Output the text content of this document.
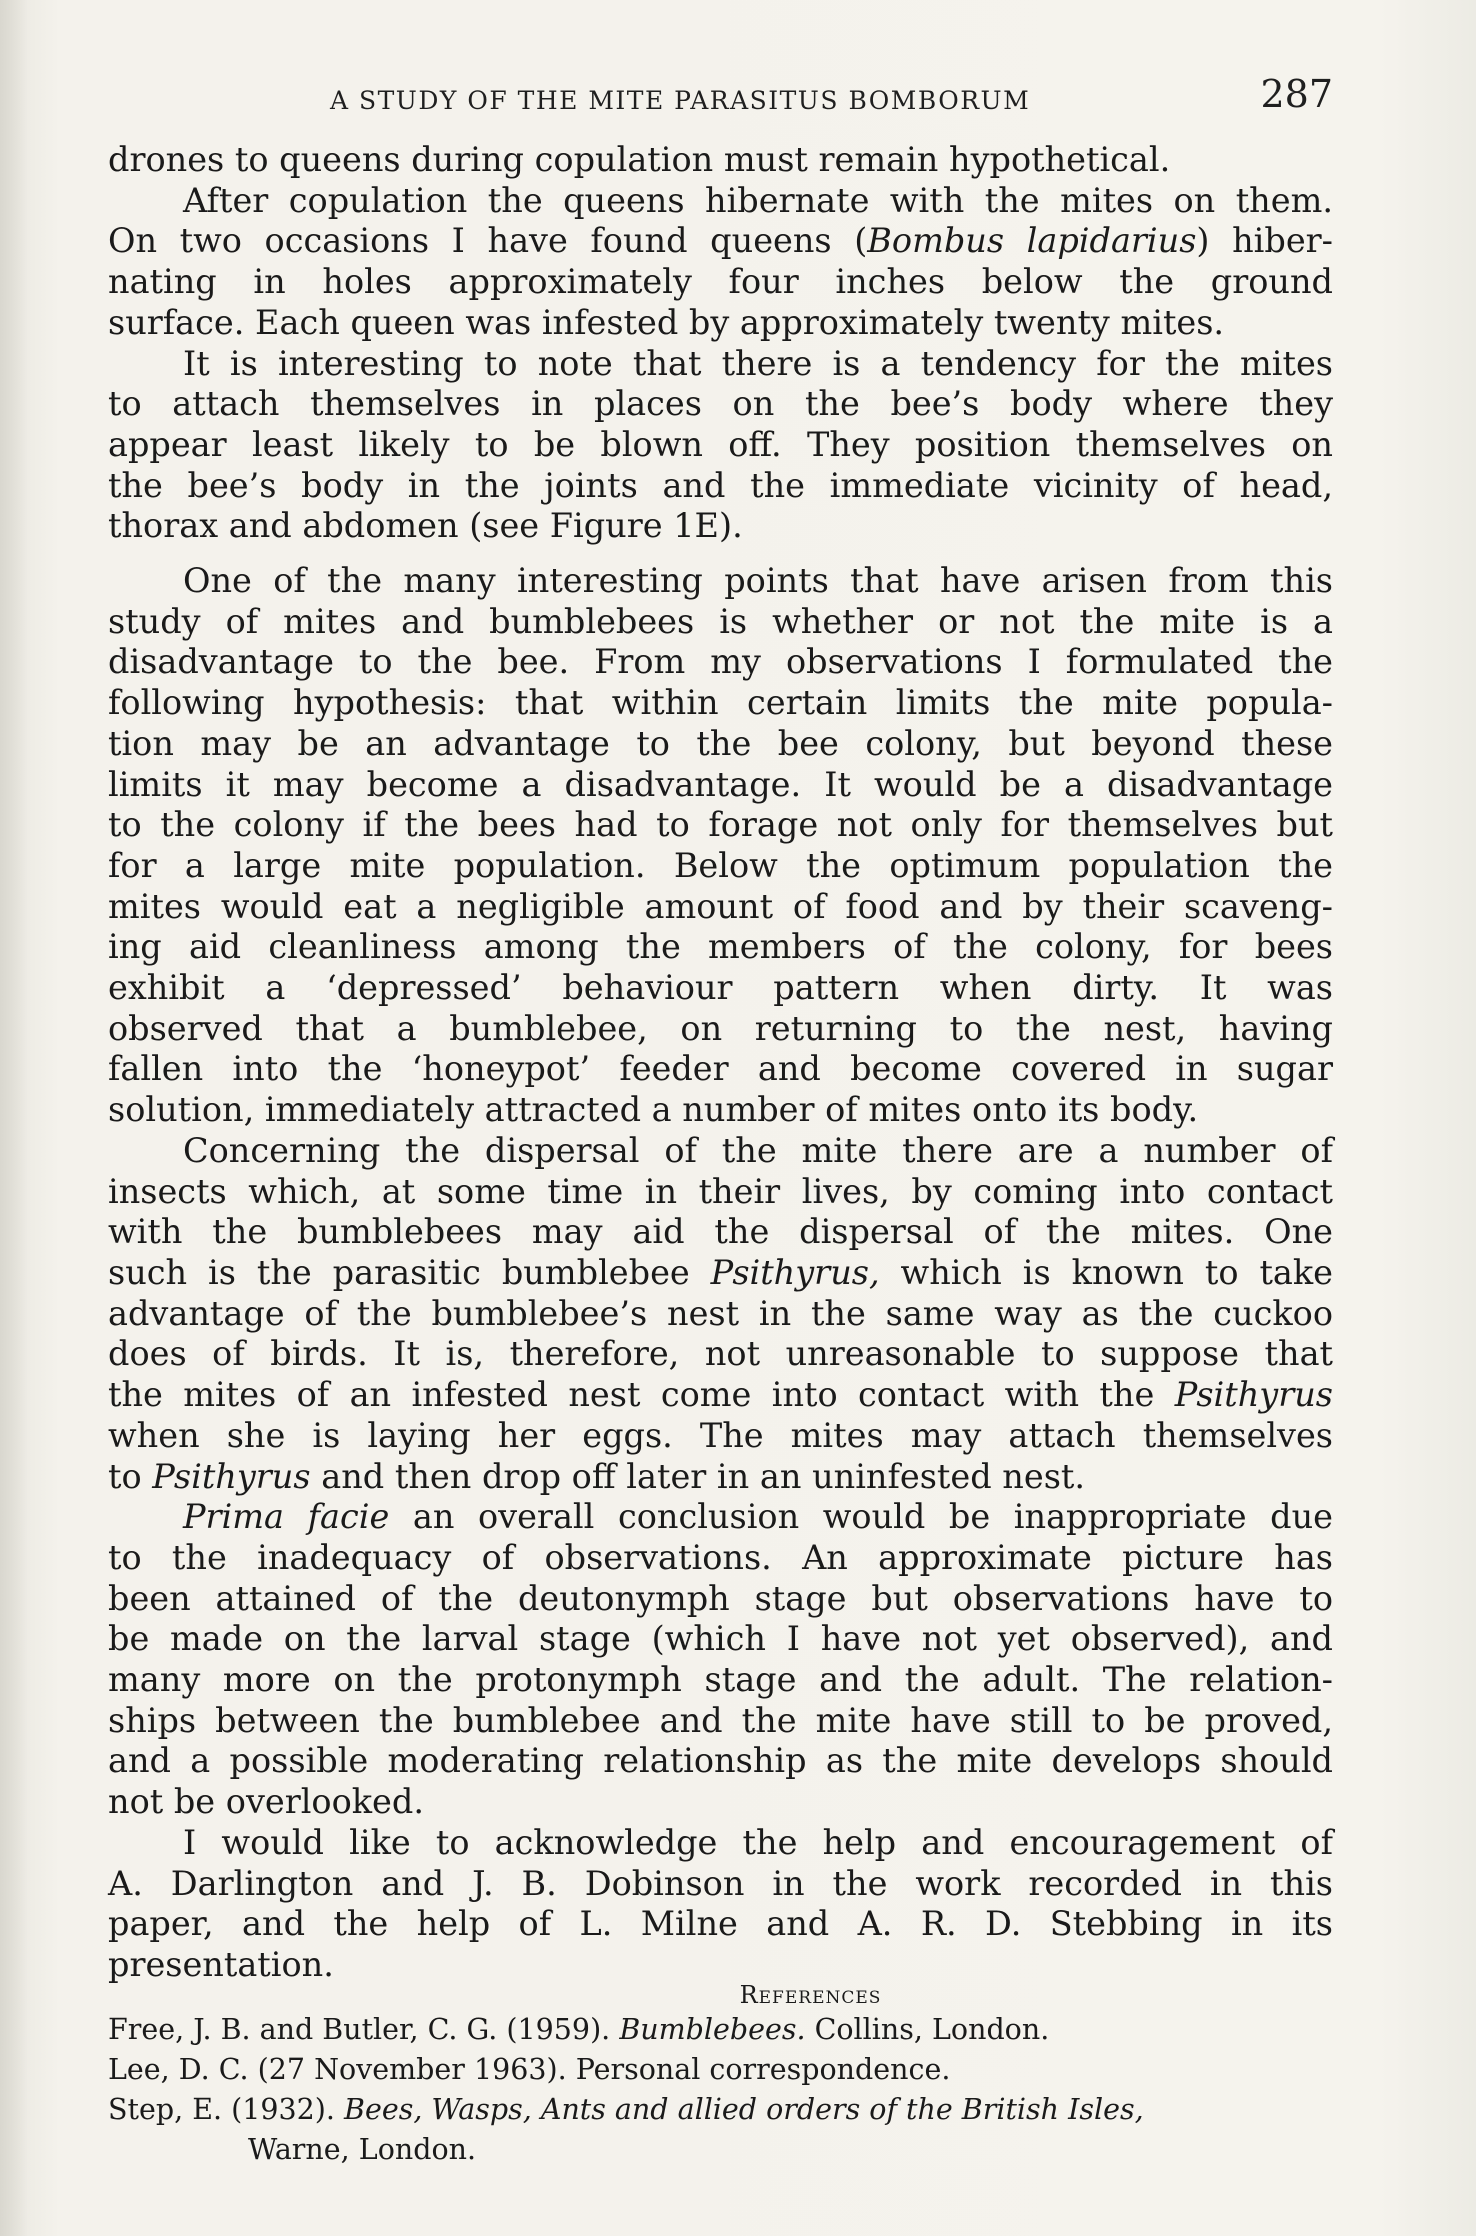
A STUDY OF THE MITE PARASITUS BOMBORUM	287
drones to queens during copulation must remain hypothetical.
After copulation the queens hibernate with the mites on them.
On two occasions I have found queens (Bombus lapidarius) hiber-
nating in holes approximately four inches below the ground
surface. Each queen was infested by approximately twenty mites.
It is interesting to note that there is a tendency for the mites
to attach themselves in places on the bee’s body where they
appear least likely to be blown off. They position themselves on
the bee’s body in the joints and the immediate vicinity of head,
thorax and abdomen (see Figure 1E).
One of the many interesting points that have arisen from this
study of mites and bumblebees is whether or not the mite is a
disadvantage to the bee. From my observations I formulated the
following hypothesis: that within certain limits the mite popula-
tion may be an advantage to the bee colony, but beyond these
limits it may become a disadvantage. It would be a disadvantage
to the colony if the bees had to forage not only for themselves but
for a large mite population. Below the optimum population the
mites would eat a negligible amount of food and by their scaveng-
ing aid cleanliness among the members of the colony, for bees
exhibit a ‘depressed’ behaviour pattern when dirty. It was
observed that a bumblebee, on returning to the nest, having
fallen into the ‘honeypot’ feeder and become covered in sugar
solution, immediately attracted a number of mites onto its body.
Concerning the dispersal of the mite there are a number of
insects which, at some time in their lives, by coming into contact
with the bumblebees may aid the dispersal of the mites. One
such is the parasitic bumblebee Psithyrus, which is known to take
advantage of the bumblebee’s nest in the same way as the cuckoo
does of birds. It is, therefore, not unreasonable to suppose that
the mites of an infested nest come into contact with the Psithyrus
when she is laying her eggs. The mites may attach themselves
to Psithyrus and then drop off later in an uninfested nest.
Prima facie an overall conclusion would be inappropriate due
to the inadequacy of observations. An approximate picture has
been attained of the deutonymph stage but observations have to
be made on the larval stage (which I have not yet observed), and
many more on the protonymph stage and the adult. The relation-
ships between the bumblebee and the mite have still to be proved,
and a possible moderating relationship as the mite develops should
not be overlooked.
I would like to acknowledge the help and encouragement of
A. Darlington and J. B. Dobinson in the work recorded in this
paper, and the help of L. Milne and A. R. D. Stebbing in its
presentation.
References
Free, J. B. and Butler, C. G. (1959). Bumblebees. Collins, London.
Lee, D. C. (27 November 1963). Personal correspondence.
Step, E. (1932). Bees, Wasps, Ants and allied orders of the British Isles,
Warne, London.
